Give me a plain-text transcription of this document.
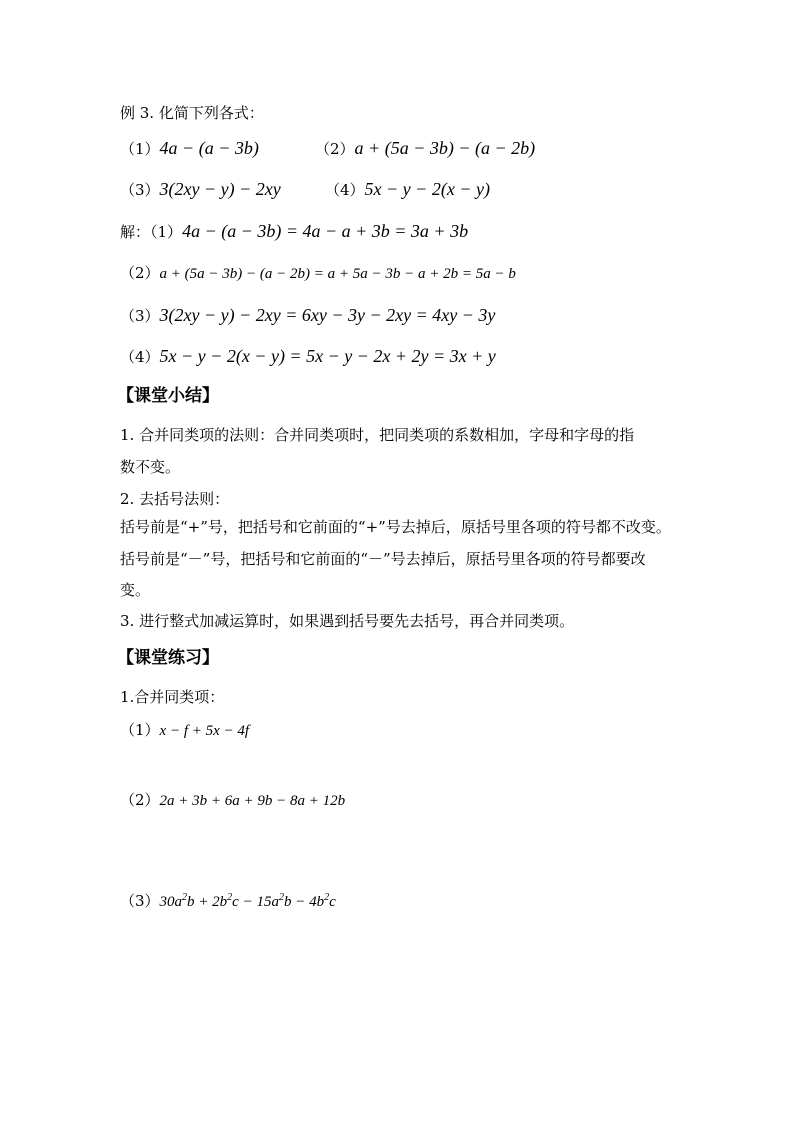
例 3. 化简下列各式：
（1）4a − (a − 3b)	（2）a + (5a − 3b) − (a − 2b)
（3）3(2xy − y) − 2xy	（4）5x − y − 2(x − y)
解：（1）4a − (a − 3b) = 4a − a + 3b = 3a + 3b
（2）a + (5a − 3b) − (a − 2b) = a + 5a − 3b − a + 2b = 5a − b
（3）3(2xy − y) − 2xy = 6xy − 3y − 2xy = 4xy − 3y
（4）5x − y − 2(x − y) = 5x − y − 2x + 2y = 3x + y
【课堂小结】
1. 合并同类项的法则：合并同类项时，把同类项的系数相加，字母和字母的指
数不变。
2. 去括号法则：
括号前是“+”号，把括号和它前面的“+”号去掉后，原括号里各项的符号都不改变。
括号前是“－”号，把括号和它前面的“－”号去掉后，原括号里各项的符号都要改
变。
3. 进行整式加减运算时，如果遇到括号要先去括号，再合并同类项。
【课堂练习】
1.合并同类项：
（1）x − f + 5x − 4f
（2）2a + 3b + 6a + 9b − 8a + 12b
$(3)30a^2b + 2b^2c - 15a^2b - 4b^2c$
